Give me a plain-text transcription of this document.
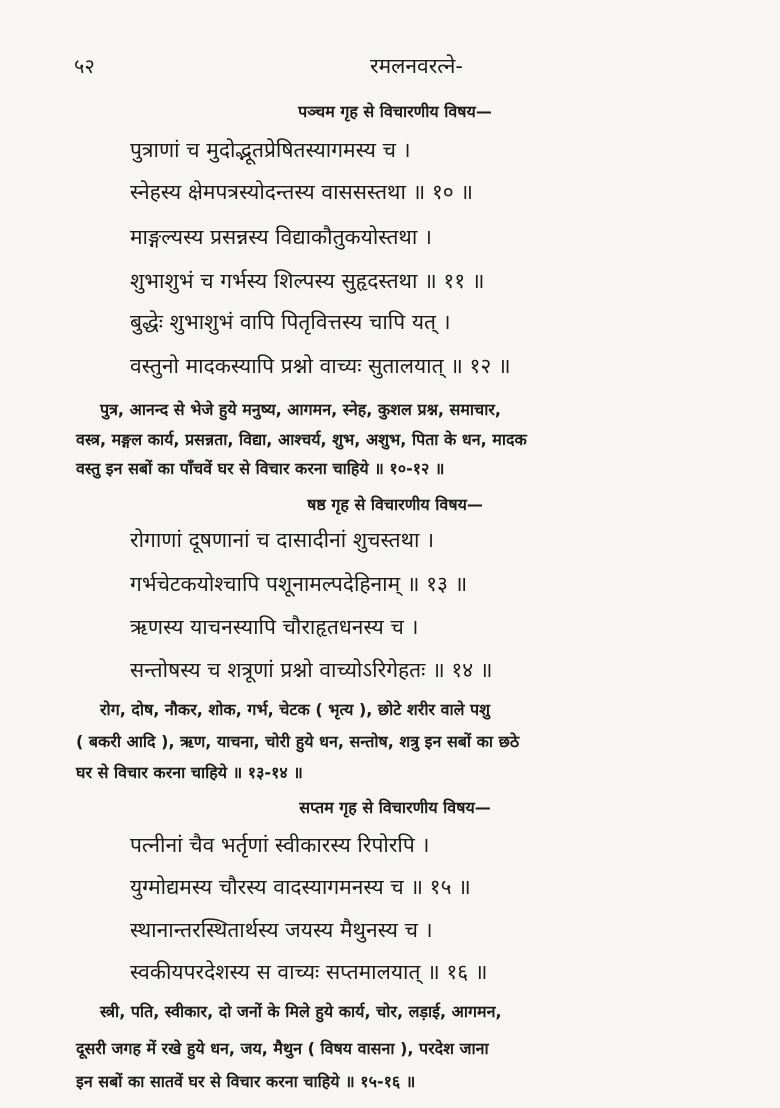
५२	रमलनवरत्ने-
पञ्चम गृह से विचारणीय विषय—
पुत्राणां च मुदोद्भूतप्रेषितस्यागमस्य च ।
स्नेहस्य क्षेमपत्रस्योदन्तस्य वाससस्तथा ॥ १० ॥
माङ्गल्यस्य प्रसन्नस्य विद्याकौतुकयोस्तथा ।
शुभाशुभं च गर्भस्य शिल्पस्य सुहृदस्तथा ॥ ११ ॥
बुद्धेः शुभाशुभं वापि पितृवित्तस्य चापि यत् ।
वस्तुनो मादकस्यापि प्रश्नो वाच्यः सुतालयात् ॥ १२ ॥
पुत्र, आनन्द से भेजे हुये मनुष्य, आगमन, स्नेह, कुशल प्रश्न, समाचार,
वस्त्र, मङ्गल कार्य, प्रसन्नता, विद्या, आश्चर्य, शुभ, अशुभ, पिता के धन, मादक
वस्तु इन सबों का पाँचवें घर से विचार करना चाहिये ॥ १०-१२ ॥
षष्ठ गृह से विचारणीय विषय—
रोगाणां दूषणानां च दासादीनां शुचस्तथा ।
गर्भचेटकयोश्चापि पशूनामल्पदेहिनाम् ॥ १३ ॥
ऋणस्य याचनस्यापि चौराहृतधनस्य च ।
सन्तोषस्य च शत्रूणां प्रश्नो वाच्योऽरिगेहतः ॥ १४ ॥
रोग, दोष, नौकर, शोक, गर्भ, चेटक ( भृत्य ), छोटे शरीर वाले पशु
( बकरी आदि ), ऋण, याचना, चोरी हुये धन, सन्तोष, शत्रु इन सबों का छठे
घर से विचार करना चाहिये ॥ १३-१४ ॥
सप्तम गृह से विचारणीय विषय—
पत्नीनां चैव भर्तृणां स्वीकारस्य रिपोरपि ।
युग्मोद्यमस्य चौरस्य वादस्यागमनस्य च ॥ १५ ॥
स्थानान्तरस्थितार्थस्य जयस्य मैथुनस्य च ।
स्वकीयपरदेशस्य स वाच्यः सप्तमालयात् ॥ १६ ॥
स्त्री, पति, स्वीकार, दो जनों के मिले हुये कार्य, चोर, लड़ाई, आगमन,
दूसरी जगह में रखे हुये धन, जय, मैथुन ( विषय वासना ), परदेश जाना
इन सबों का सातवें घर से विचार करना चाहिये ॥ १५-१६ ॥
